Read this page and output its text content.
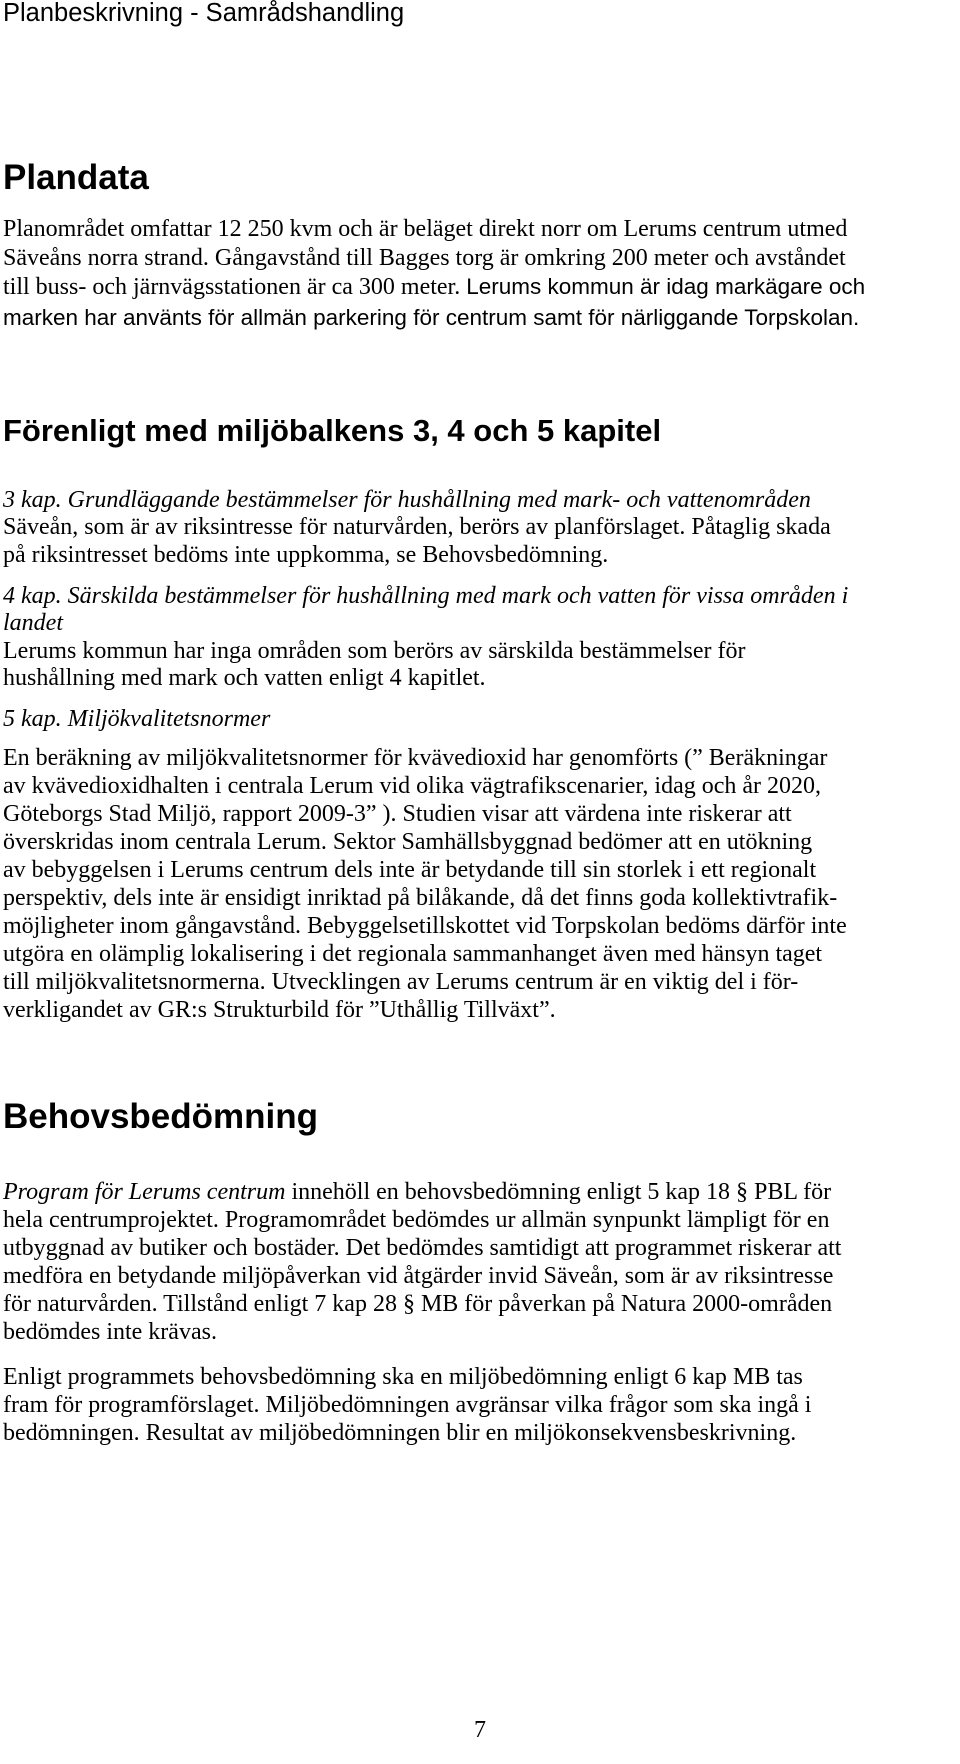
Planbeskrivning - Samrådshandling
Plandata
Planområdet omfattar 12 250 kvm och är beläget direkt norr om Lerums centrum utmed
Säveåns norra strand. Gångavstånd till Bagges torg är omkring 200 meter och avståndet
till buss- och järnvägsstationen är ca 300 meter. Lerums kommun är idag markägare och
marken har använts för allmän parkering för centrum samt för närliggande Torpskolan.
Förenligt med miljöbalkens 3, 4 och 5 kapitel
3 kap. Grundläggande bestämmelser för hushållning med mark- och vattenområden
Säveån, som är av riksintresse för naturvården, berörs av planförslaget. Påtaglig skada
på riksintresset bedöms inte uppkomma, se Behovsbedömning.
4 kap. Särskilda bestämmelser för hushållning med mark och vatten för vissa områden i
landet
Lerums kommun har inga områden som berörs av särskilda bestämmelser för
hushållning med mark och vatten enligt 4 kapitlet.
5 kap. Miljökvalitetsnormer
En beräkning av miljökvalitetsnormer för kvävedioxid har genomförts (” Beräkningar
av kvävedioxidhalten i centrala Lerum vid olika vägtrafikscenarier, idag och år 2020,
Göteborgs Stad Miljö, rapport 2009-3” ). Studien visar att värdena inte riskerar att
överskridas inom centrala Lerum. Sektor Samhällsbyggnad bedömer att en utökning
av bebyggelsen i Lerums centrum dels inte är betydande till sin storlek i ett regionalt
perspektiv, dels inte är ensidigt inriktad på bilåkande, då det finns goda kollektivtrafik-
möjligheter inom gångavstånd. Bebyggelsetillskottet vid Torpskolan bedöms därför inte
utgöra en olämplig lokalisering i det regionala sammanhanget även med hänsyn taget
till miljökvalitetsnormerna. Utvecklingen av Lerums centrum är en viktig del i för-
verkligandet av GR:s Strukturbild för ”Uthållig Tillväxt”.
Behovsbedömning
Program för Lerums centrum innehöll en behovsbedömning enligt 5 kap 18 § PBL för
hela centrumprojektet. Programområdet bedömdes ur allmän synpunkt lämpligt för en
utbyggnad av butiker och bostäder. Det bedömdes samtidigt att programmet riskerar att
medföra en betydande miljöpåverkan vid åtgärder invid Säveån, som är av riksintresse
för naturvården. Tillstånd enligt 7 kap 28 § MB för påverkan på Natura 2000-områden
bedömdes inte krävas.
Enligt programmets behovsbedömning ska en miljöbedömning enligt 6 kap MB tas
fram för programförslaget. Miljöbedömningen avgränsar vilka frågor som ska ingå i
bedömningen. Resultat av miljöbedömningen blir en miljökonsekvensbeskrivning.
7
